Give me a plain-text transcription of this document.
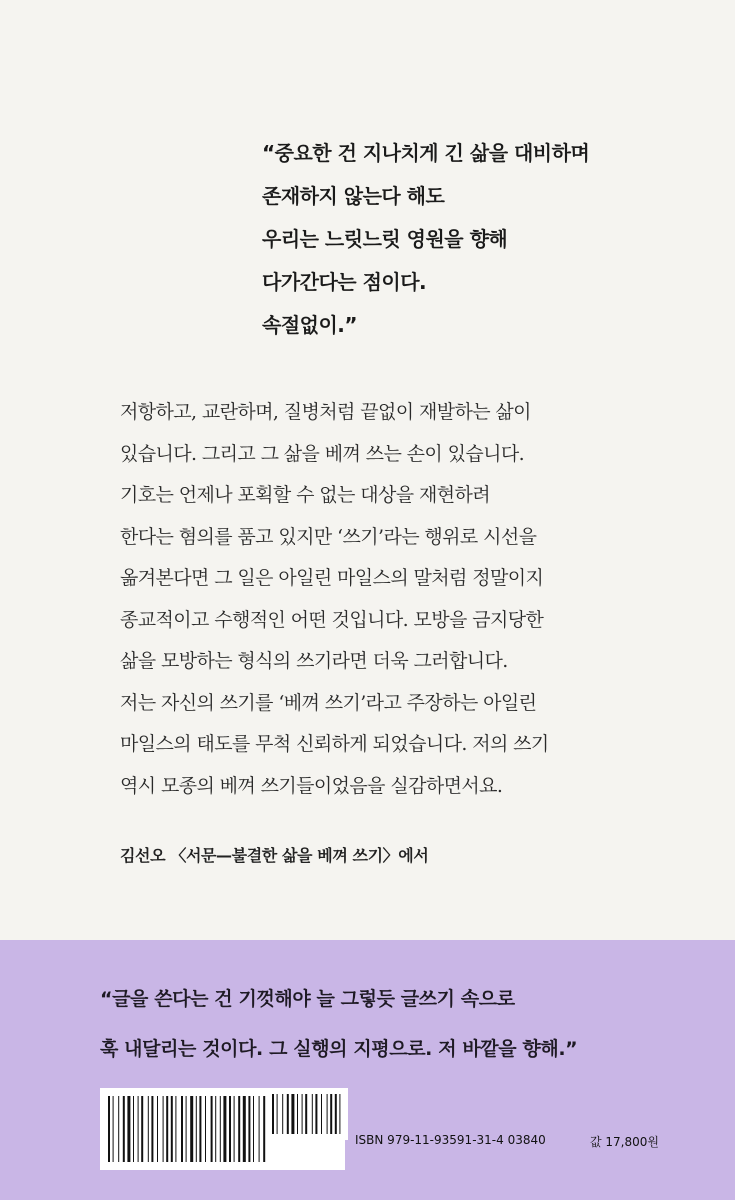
“중요한 건 지나치게 긴 삶을 대비하며
존재하지 않는다 해도
우리는 느릿느릿 영원을 향해
다가간다는 점이다.
속절없이.”
저항하고, 교란하며, 질병처럼 끝없이 재발하는 삶이
있습니다. 그리고 그 삶을 베껴 쓰는 손이 있습니다.
기호는 언제나 포획할 수 없는 대상을 재현하려
한다는 혐의를 품고 있지만 ‘쓰기’라는 행위로 시선을
옮겨본다면 그 일은 아일린 마일스의 말처럼 정말이지
종교적이고 수행적인 어떤 것입니다. 모방을 금지당한
삶을 모방하는 형식의 쓰기라면 더욱 그러합니다.
저는 자신의 쓰기를 ‘베껴 쓰기’라고 주장하는 아일린
마일스의 태도를 무척 신뢰하게 되었습니다. 저의 쓰기
역시 모종의 베껴 쓰기들이었음을 실감하면서요.
김선오 〈서문—불결한 삶을 베껴 쓰기〉에서
“글을 쓴다는 건 기껏해야 늘 그렇듯 글쓰기 속으로
훅 내달리는 것이다. 그 실행의 지평으로. 저 바깥을 향해.”
ISBN 979-11-93591-31-4 03840	값 17,800원
